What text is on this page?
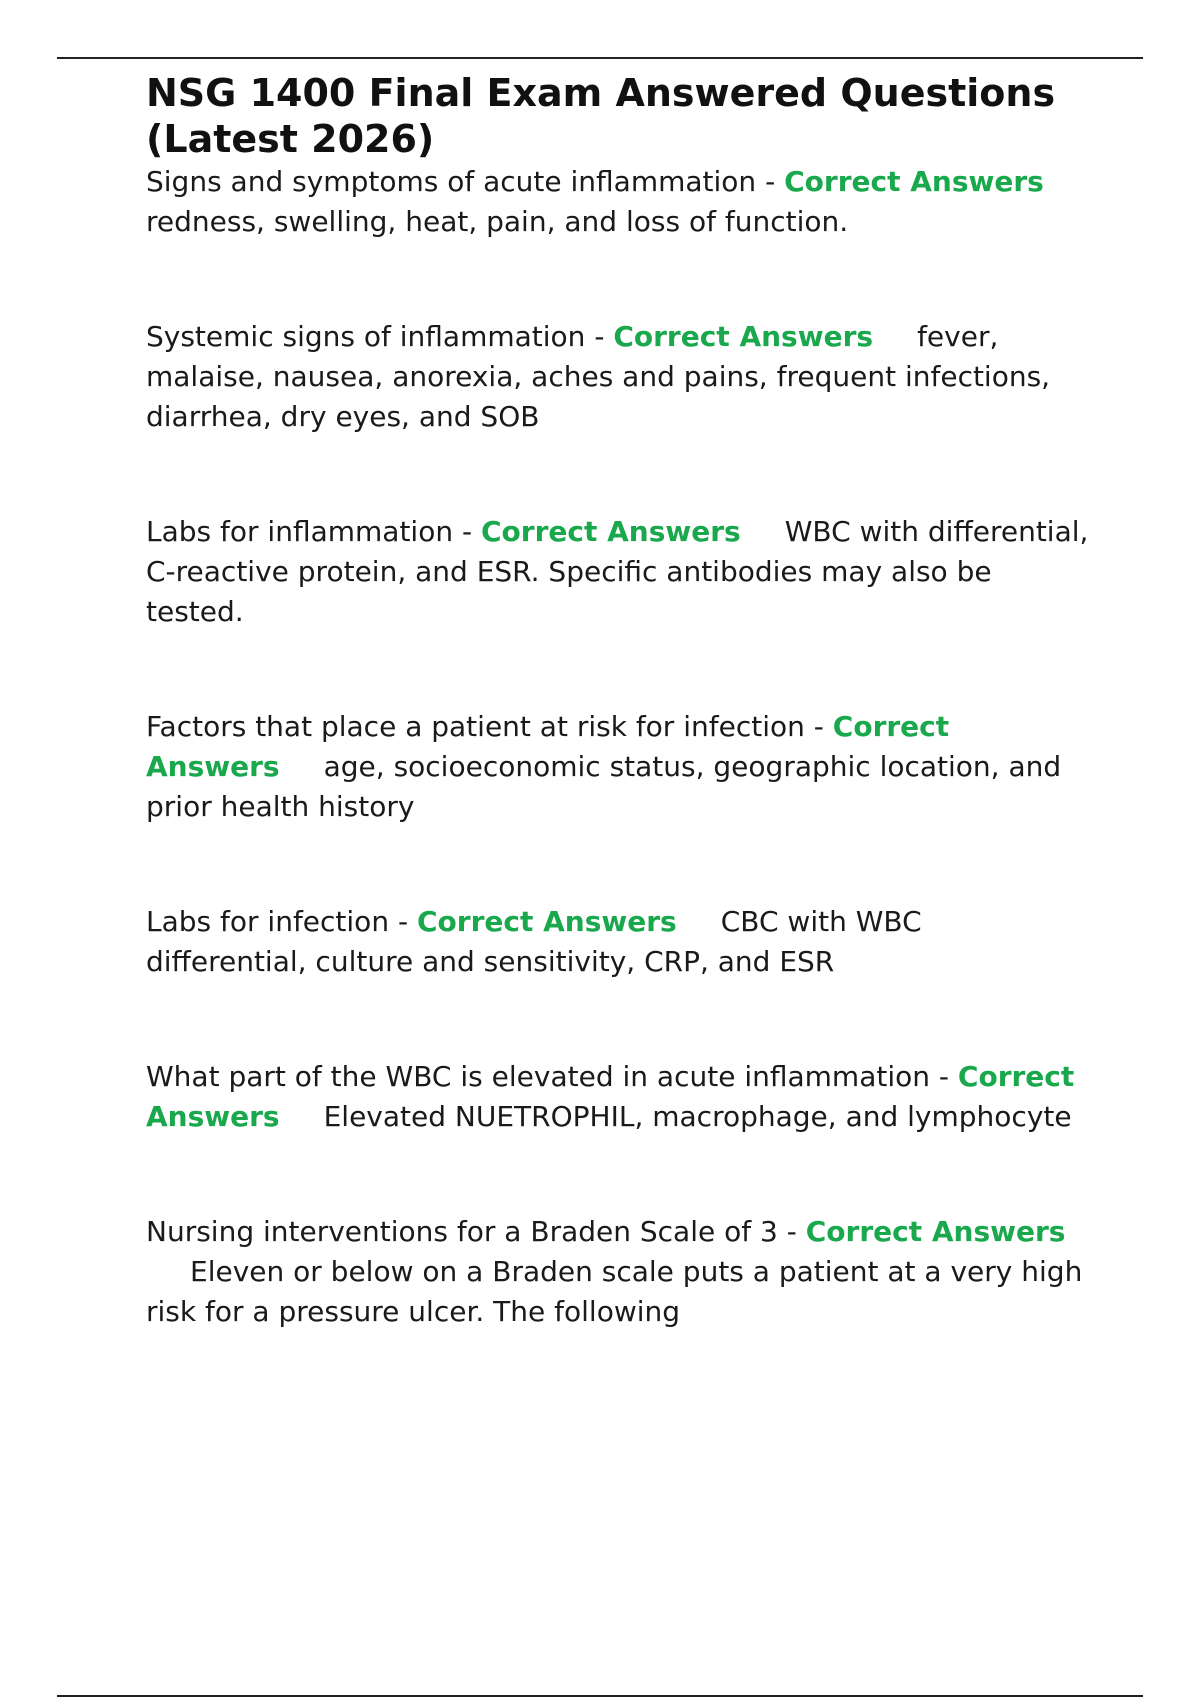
NSG 1400 Final Exam Answered Questions (Latest 2026)

Signs and symptoms of acute inflammation - Correct Answersredness, swelling, heat, pain, and loss of function.

Systemic signs of inflammation - Correct Answers fever, malaise, nausea, anorexia, aches and pains, frequent infections, diarrhea, dry eyes, and SOB

Labs for inflammation - Correct Answers WBC with differential, C-reactive protein, and ESR. Specific antibodies may also be tested.

Factors that place a patient at risk for infection - Correct Answers age, socioeconomic status, geographic location, and prior health history

Labs for infection - Correct Answers CBC with WBC differential, culture and sensitivity, CRP, and ESR

What part of the WBC is elevated in acute inflammation - Correct Answers Elevated NUETROPHIL, macrophage, and lymphocyte

Nursing interventions for a Braden Scale of 3 - Correct AnswersEleven or below on a Braden scale puts a patient at a very high risk for a pressure ulcer. The following
